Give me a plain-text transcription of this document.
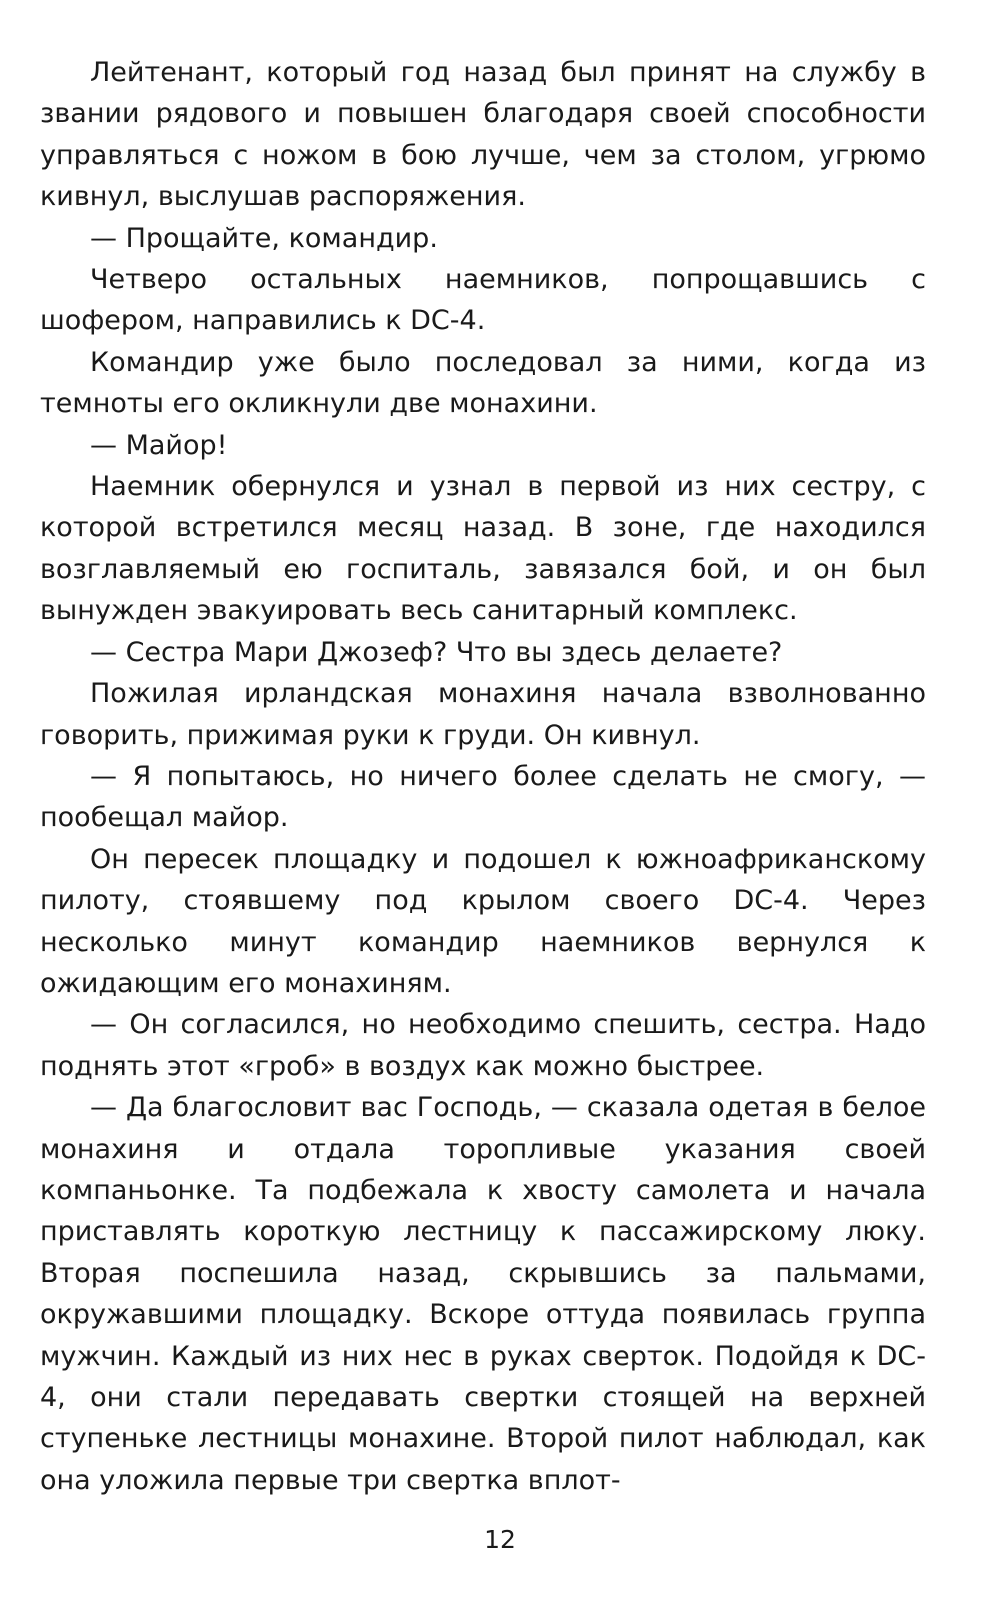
Лейтенант, который год назад был принят на службу в звании рядового и повышен благодаря своей способности управляться с ножом в бою лучше, чем за столом, угрюмо кивнул, выслушав распоряжения.

— Прощайте, командир.

Четверо остальных наемников, попрощавшись с шофером, направились к DC-4.

Командир уже было последовал за ними, когда из темноты его окликнули две монахини.

— Майор!

Наемник обернулся и узнал в первой из них сестру, с которой встретился месяц назад. В зоне, где находился возглавляемый ею госпиталь, завязался бой, и он был вынужден эвакуировать весь санитарный комплекс.

— Сестра Мари Джозеф? Что вы здесь делаете?

Пожилая ирландская монахиня начала взволнованно говорить, прижимая руки к груди. Он кивнул.

— Я попытаюсь, но ничего более сделать не смогу, — пообещал майор.

Он пересек площадку и подошел к южноафриканскому пилоту, стоявшему под крылом своего DC-4. Через несколько минут командир наемников вернулся к ожидающим его монахиням.

— Он согласился, но необходимо спешить, сестра. Надо поднять этот «гроб» в воздух как можно быстрее.

— Да благословит вас Господь, — сказала одетая в белое монахиня и отдала торопливые указания своей компаньонке. Та подбежала к хвосту самолета и начала приставлять короткую лестницу к пассажирскому люку. Вторая поспешила назад, скрывшись за пальмами, окружавшими площадку. Вскоре оттуда появилась группа мужчин. Каждый из них нес в руках сверток. Подойдя к DC-4, они стали передавать свертки стоящей на верхней ступеньке лестницы монахине. Второй пилот наблюдал, как она уложила первые три свертка вплот-

12
